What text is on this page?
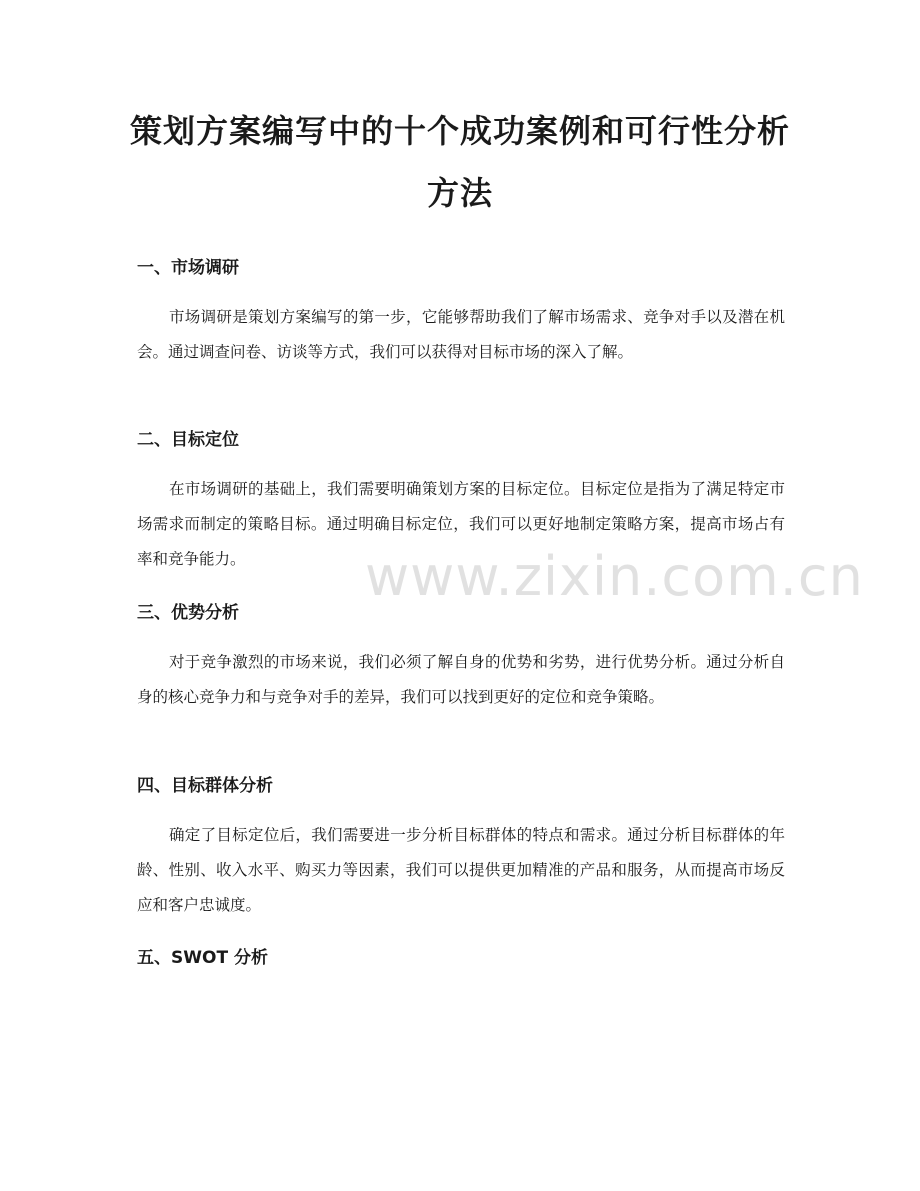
策划方案编写中的十个成功案例和可行性分析方法
一、市场调研

市场调研是策划方案编写的第一步，它能够帮助我们了解市场需求、竞争对手以及潜在机会。通过调查问卷、访谈等方式，我们可以获得对目标市场的深入了解。

二、目标定位

在市场调研的基础上，我们需要明确策划方案的目标定位。目标定位是指为了满足特定市场需求而制定的策略目标。通过明确目标定位，我们可以更好地制定策略方案，提高市场占有率和竞争能力。

三、优势分析

对于竞争激烈的市场来说，我们必须了解自身的优势和劣势，进行优势分析。通过分析自身的核心竞争力和与竞争对手的差异，我们可以找到更好的定位和竞争策略。

四、目标群体分析

确定了目标定位后，我们需要进一步分析目标群体的特点和需求。通过分析目标群体的年龄、性别、收入水平、购买力等因素，我们可以提供更加精准的产品和服务，从而提高市场反应和客户忠诚度。

五、SWOT 分析
www.zixin.com.cn
